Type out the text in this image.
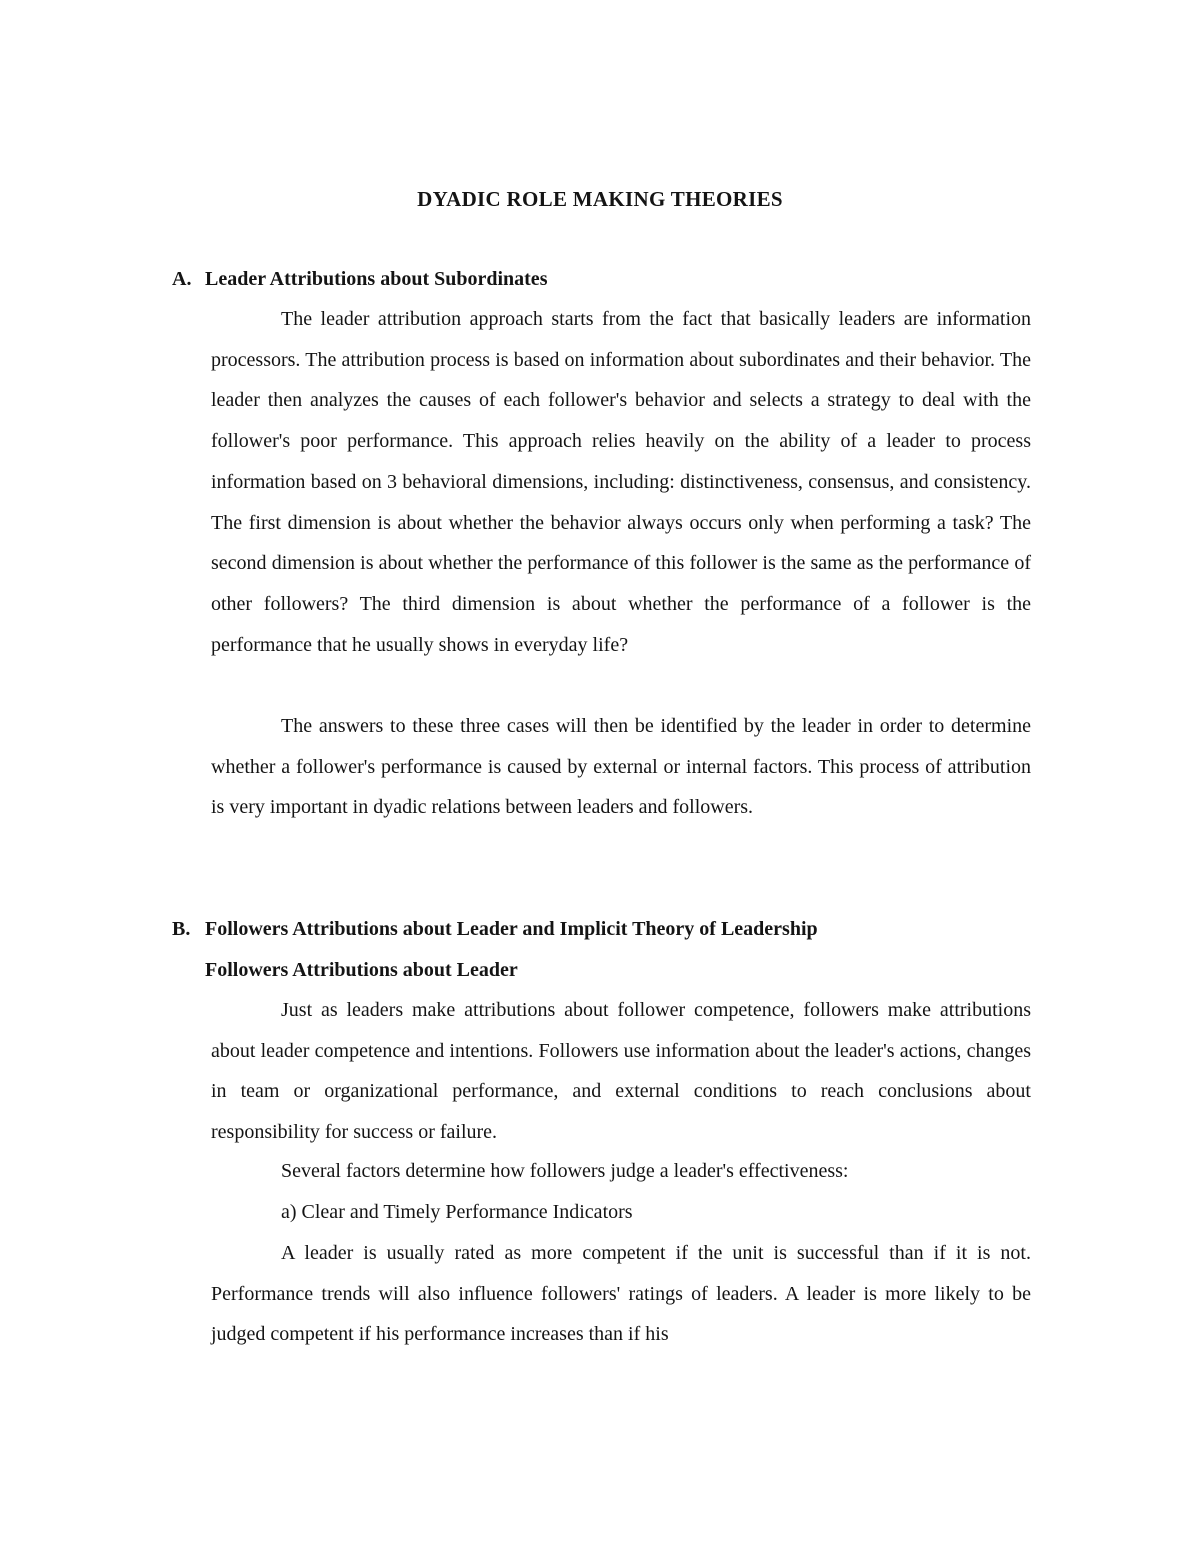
DYADIC ROLE MAKING THEORIES
A. Leader Attributions about Subordinates

The leader attribution approach starts from the fact that basically leaders are information processors. The attribution process is based on information about subordinates and their behavior. The leader then analyzes the causes of each follower's behavior and selects a strategy to deal with the follower's poor performance. This approach relies heavily on the ability of a leader to process information based on 3 behavioral dimensions, including: distinctiveness, consensus, and consistency. The first dimension is about whether the behavior always occurs only when performing a task? The second dimension is about whether the performance of this follower is the same as the performance of other followers? The third dimension is about whether the performance of a follower is the performance that he usually shows in everyday life?

The answers to these three cases will then be identified by the leader in order to determine whether a follower's performance is caused by external or internal factors. This process of attribution is very important in dyadic relations between leaders and followers.

B. Followers Attributions about Leader and Implicit Theory of Leadership
Followers Attributions about Leader

Just as leaders make attributions about follower competence, followers make attributions about leader competence and intentions. Followers use information about the leader's actions, changes in team or organizational performance, and external conditions to reach conclusions about responsibility for success or failure.

Several factors determine how followers judge a leader's effectiveness:
a) Clear and Timely Performance Indicators

A leader is usually rated as more competent if the unit is successful than if it is not. Performance trends will also influence followers' ratings of leaders. A leader is more likely to be judged competent if his performance increases than if his
